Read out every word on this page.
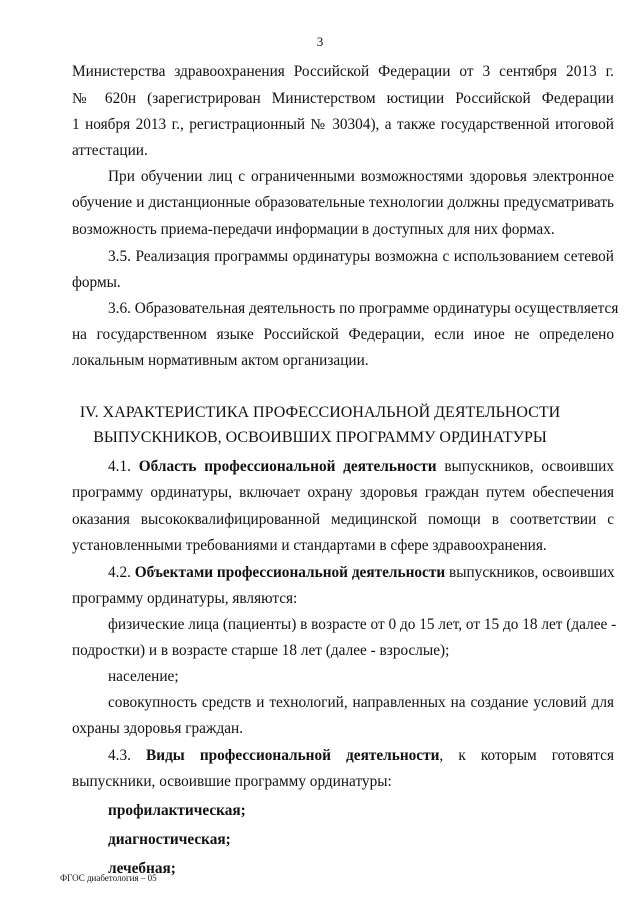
3
Министерства здравоохранения Российской Федерации от 3 сентября 2013 г.
№ 620н (зарегистрирован Министерством юстиции Российской Федерации
1 ноября 2013 г., регистрационный № 30304), а также государственной итоговой
аттестации.
При обучении лиц с ограниченными возможностями здоровья электронное
обучение и дистанционные образовательные технологии должны предусматривать
возможность приема-передачи информации в доступных для них формах.
3.5. Реализация программы ординатуры возможна с использованием сетевой
формы.
3.6. Образовательная деятельность по программе ординатуры осуществляется
на государственном языке Российской Федерации, если иное не определено
локальным нормативным актом организации.
IV. ХАРАКТЕРИСТИКА ПРОФЕССИОНАЛЬНОЙ ДЕЯТЕЛЬНОСТИ
ВЫПУСКНИКОВ, ОСВОИВШИХ ПРОГРАММУ ОРДИНАТУРЫ
4.1. Область профессиональной деятельности выпускников, освоивших
программу ординатуры, включает охрану здоровья граждан путем обеспечения
оказания высококвалифицированной медицинской помощи в соответствии с
установленными требованиями и стандартами в сфере здравоохранения.
4.2. Объектами профессиональной деятельности выпускников, освоивших
программу ординатуры, являются:
физические лица (пациенты) в возрасте от 0 до 15 лет, от 15 до 18 лет (далее -
подростки) и в возрасте старше 18 лет (далее - взрослые);
население;
совокупность средств и технологий, направленных на создание условий для
охраны здоровья граждан.
4.3. Виды профессиональной деятельности, к которым готовятся
выпускники, освоившие программу ординатуры:
профилактическая;
диагностическая;
лечебная;
ФГОС диабетология – 05
